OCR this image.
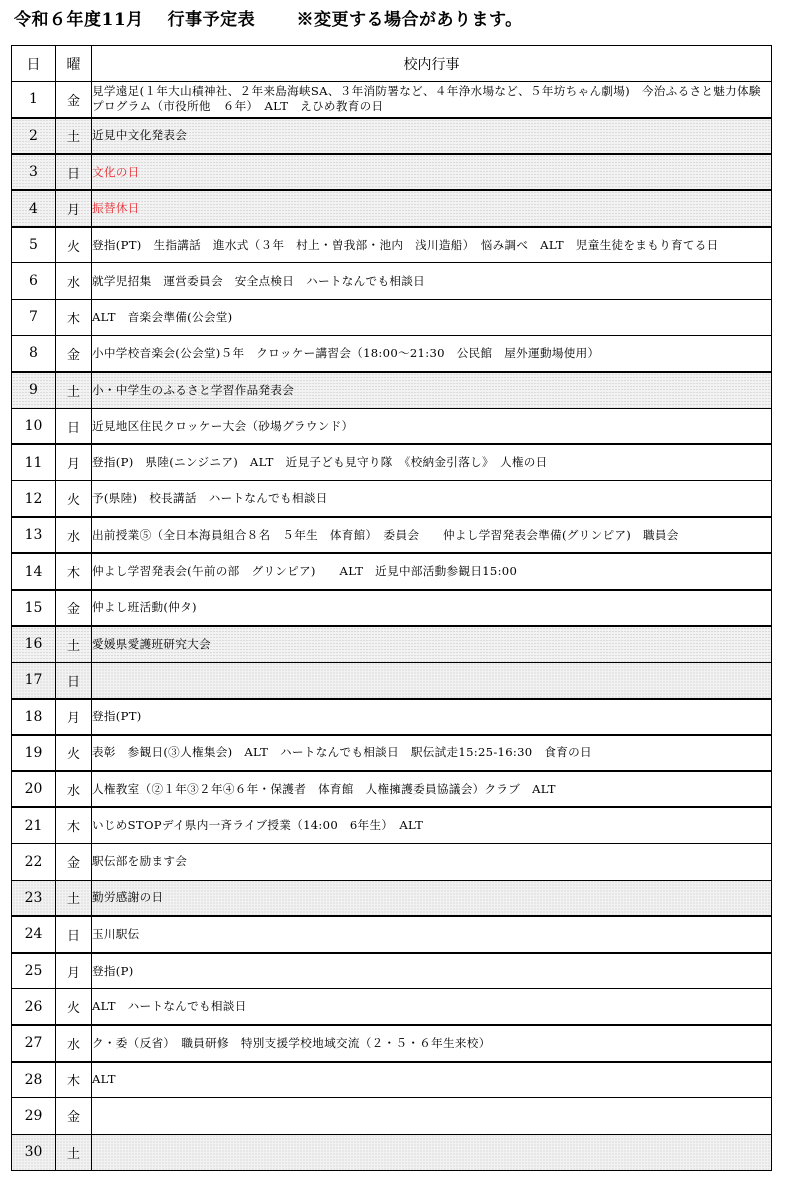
令和６年度11月　 行事予定表　　 ※変更する場合があります。
日	曜	校内行事
1	金	見学遠足(１年大山積神社、２年来島海峡SA、３年消防署など、４年浄水場など、５年坊ちゃん劇場)　今治ふるさと魅力体験プログラム（市役所他　６年）　ALT　えひめ教育の日
2	土	近見中文化発表会
3	日	文化の日
4	月	振替休日
5	火	登指(PT)　生指講話　進水式（３年　村上・曽我部・池内　浅川造船）　悩み調べ　ALT　児童生徒をまもり育てる日
6	水	就学児招集　運営委員会　安全点検日　ハートなんでも相談日
7	木	ALT　音楽会準備(公会堂)
8	金	小中学校音楽会(公会堂)５年　クロッケー講習会（18:00～21:30　公民館　屋外運動場使用）
9	土	小・中学生のふるさと学習作品発表会
10	日	近見地区住民クロッケー大会（砂場グラウンド）
11	月	登指(P)　県陸(ニンジニア)　ALT　近見子ども見守り隊　《校納金引落し》　人権の日
12	火	予(県陸)　校長講話　ハートなんでも相談日
13	水	出前授業⑤（全日本海員組合８名　５年生　体育館）　委員会　　仲よし学習発表会準備(グリンピア)　職員会
14	木	仲よし学習発表会(午前の部　グリンピア)　　ALT　近見中部活動参観日15:00
15	金	仲よし班活動(仲タ)
16	土	愛媛県愛護班研究大会
17	日	
18	月	登指(PT)
19	火	表彰　参観日(③人権集会)　ALT　ハートなんでも相談日　駅伝試走15:25-16:30　食育の日
20	水	人権教室（②１年③２年④６年・保護者　体育館　人権擁護委員協議会）クラブ　ALT
21	木	いじめSTOPデイ県内一斉ライブ授業（14:00　6年生）　ALT
22	金	駅伝部を励ます会
23	土	勤労感謝の日
24	日	玉川駅伝
25	月	登指(P)
26	火	ALT　ハートなんでも相談日
27	水	ク・委（反省）　職員研修　特別支援学校地域交流（２・５・６年生来校）
28	木	ALT
29	金	
30	土	
